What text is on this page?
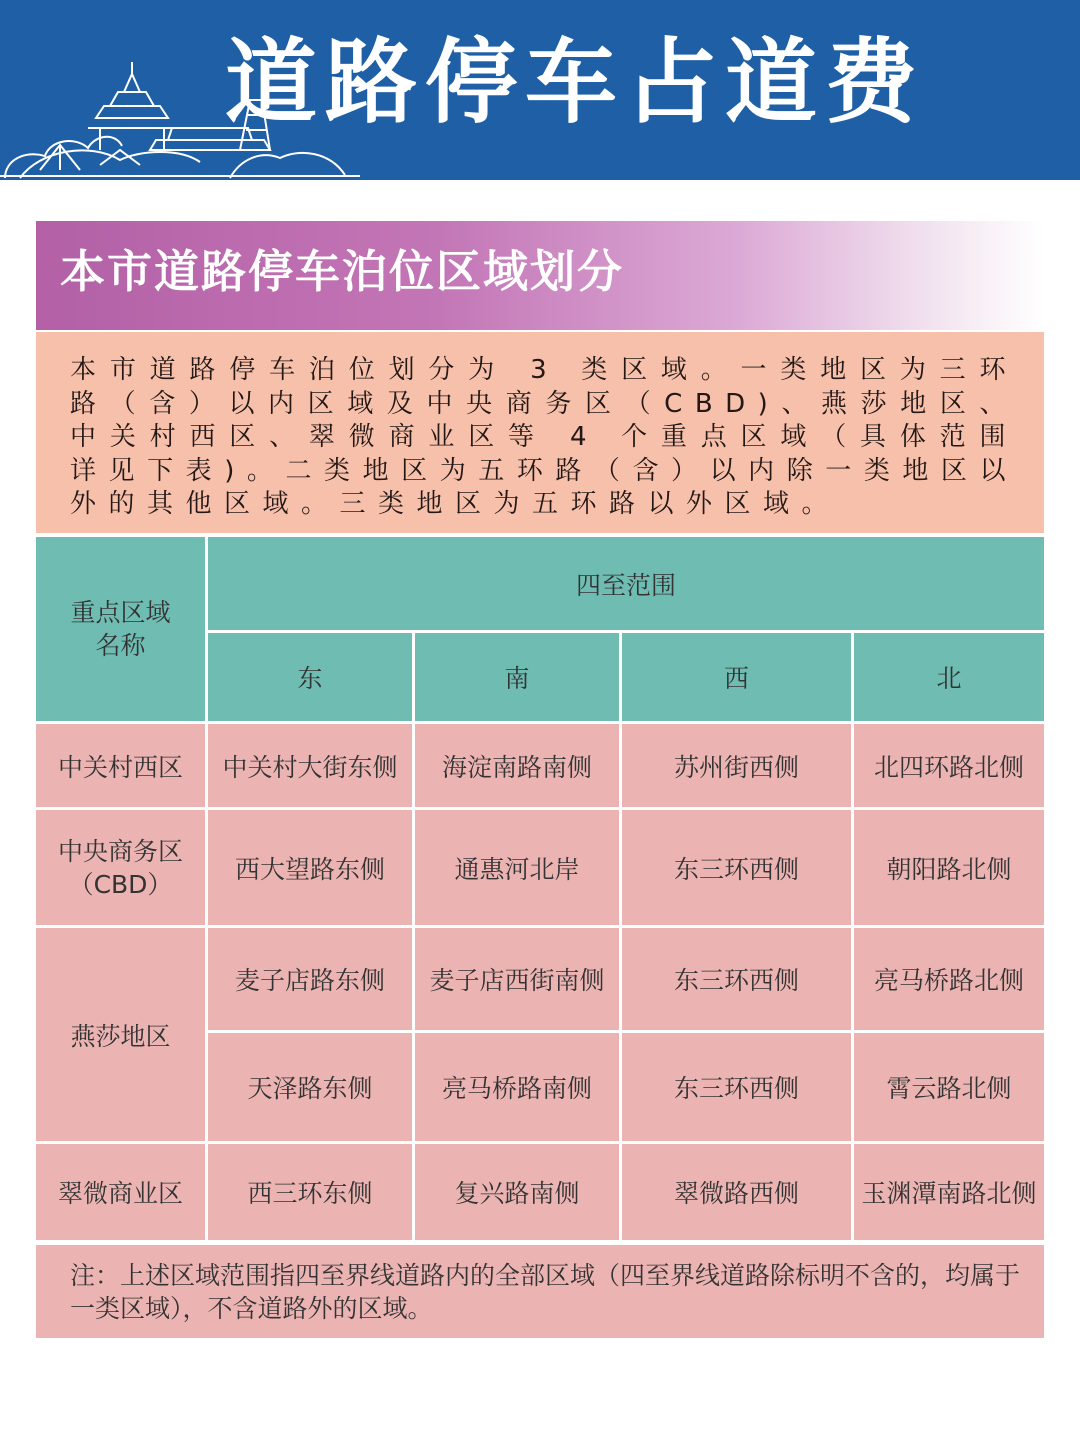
道路停车占道费
本市道路停车泊位区域划分

本市道路停车泊位划分为 3 类区域。一类地区为三环路（含）以内区域及中央商务区（CBD)、燕莎地区、中关村西区、翠微商业区等 4 个重点区域（具体范围详见下表)。二类地区为五环路（含）以内除一类地区以外的其他区域。三类地区为五环路以外区域。

重点区域
名称	四至范围			
	东	南	西	北
中关村西区	中关村大街东侧	海淀南路南侧	苏州街西侧	北四环路北侧
中央商务区
（CBD）	西大望路东侧	通惠河北岸	东三环西侧	朝阳路北侧
燕莎地区	麦子店路东侧	麦子店西街南侧	东三环西侧	亮马桥路北侧
	天泽路东侧	亮马桥路南侧	东三环西侧	霄云路北侧
翠微商业区	西三环东侧	复兴路南侧	翠微路西侧	玉渊潭南路北侧

注：上述区域范围指四至界线道路内的全部区域（四至界线道路除标明不含的，均属于一类区域），不含道路外的区域。
